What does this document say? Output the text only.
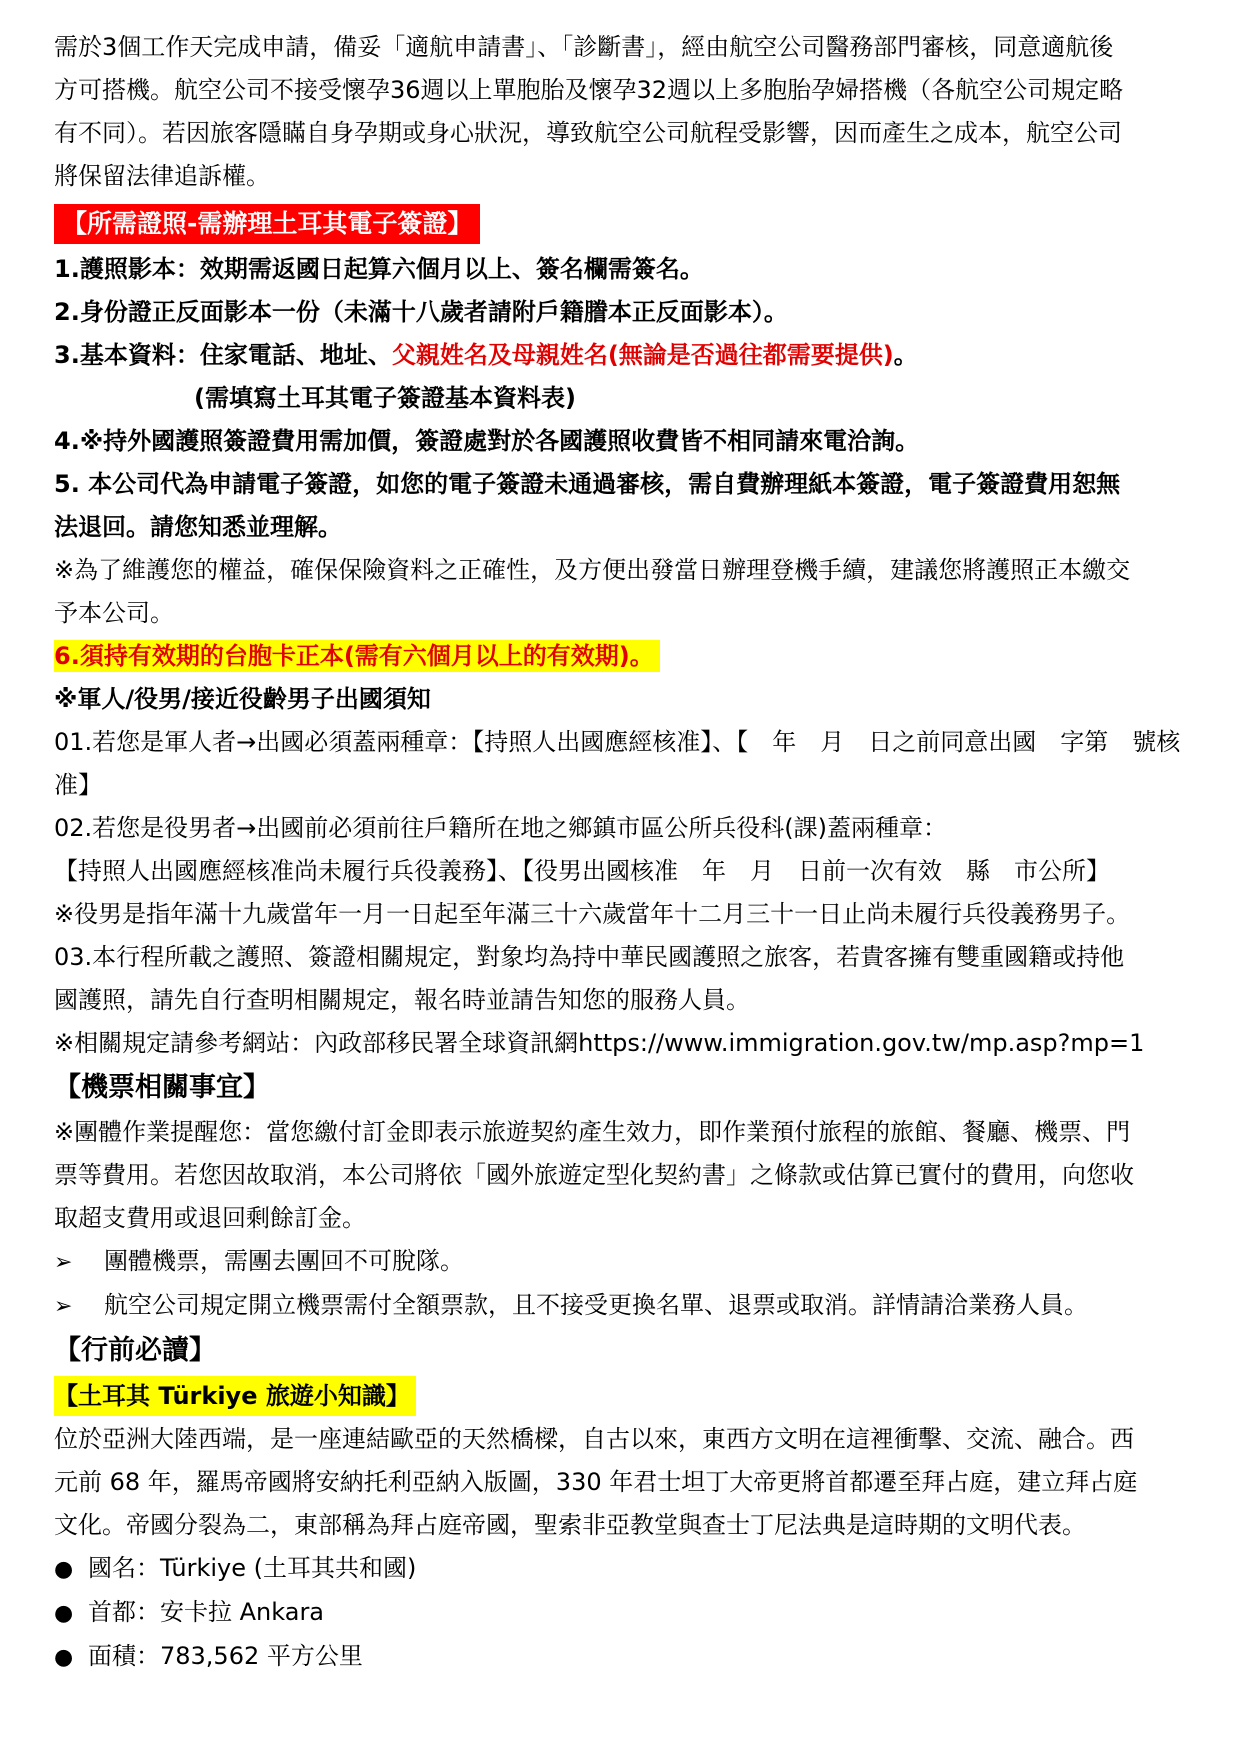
需於3個工作天完成申請，備妥「適航申請書」、「診斷書」，經由航空公司醫務部門審核，同意適航後

方可搭機。航空公司不接受懷孕36週以上單胞胎及懷孕32週以上多胞胎孕婦搭機（各航空公司規定略

有不同）。若因旅客隱瞞自身孕期或身心狀況，導致航空公司航程受影響，因而產生之成本，航空公司

將保留法律追訴權。

【所需證照-需辦理土耳其電子簽證】

1.護照影本：效期需返國日起算六個月以上、簽名欄需簽名。

2.身份證正反面影本一份（未滿十八歲者請附戶籍謄本正反面影本）。

3.基本資料：住家電話、地址、父親姓名及母親姓名(無論是否過往都需要提供)。

(需填寫土耳其電子簽證基本資料表)

4.※持外國護照簽證費用需加價，簽證處對於各國護照收費皆不相同請來電洽詢。

5. 本公司代為申請電子簽證，如您的電子簽證未通過審核，需自費辦理紙本簽證，電子簽證費用恕無

法退回。請您知悉並理解。

※為了維護您的權益，確保保險資料之正確性，及方便出發當日辦理登機手續，建議您將護照正本繳交

予本公司。

6.須持有效期的台胞卡正本(需有六個月以上的有效期)。

※軍人/役男/接近役齡男子出國須知

01.若您是軍人者→出國必須蓋兩種章：【持照人出國應經核准】、【　年　月　日之前同意出國　字第　號核

准】

02.若您是役男者→出國前必須前往戶籍所在地之鄉鎮市區公所兵役科(課)蓋兩種章：

【持照人出國應經核准尚未履行兵役義務】、【役男出國核准　年　月　日前一次有效　縣　市公所】

※役男是指年滿十九歲當年一月一日起至年滿三十六歲當年十二月三十一日止尚未履行兵役義務男子。

03.本行程所載之護照、簽證相關規定，對象均為持中華民國護照之旅客，若貴客擁有雙重國籍或持他

國護照，請先自行查明相關規定，報名時並請告知您的服務人員。

※相關規定請參考網站：內政部移民署全球資訊網https://www.immigration.gov.tw/mp.asp?mp=1

【機票相關事宜】

※團體作業提醒您：當您繳付訂金即表示旅遊契約產生效力，即作業預付旅程的旅館、餐廳、機票、門

票等費用。若您因故取消，本公司將依「國外旅遊定型化契約書」之條款或估算已實付的費用，向您收

取超支費用或退回剩餘訂金。

➢	團體機票，需團去團回不可脫隊。
➢	航空公司規定開立機票需付全額票款，且不接受更換名單、退票或取消。詳情請洽業務人員。

【行前必讀】

【土耳其 Türkiye 旅遊小知識】

位於亞洲大陸西端，是一座連結歐亞的天然橋樑，自古以來，東西方文明在這裡衝擊、交流、融合。西

元前 68 年，羅馬帝國將安納托利亞納入版圖，330 年君士坦丁大帝更將首都遷至拜占庭，建立拜占庭

文化。帝國分裂為二，東部稱為拜占庭帝國，聖索非亞教堂與查士丁尼法典是這時期的文明代表。

● 國名：Türkiye (土耳其共和國)
● 首都：安卡拉 Ankara
● 面積：783,562 平方公里
